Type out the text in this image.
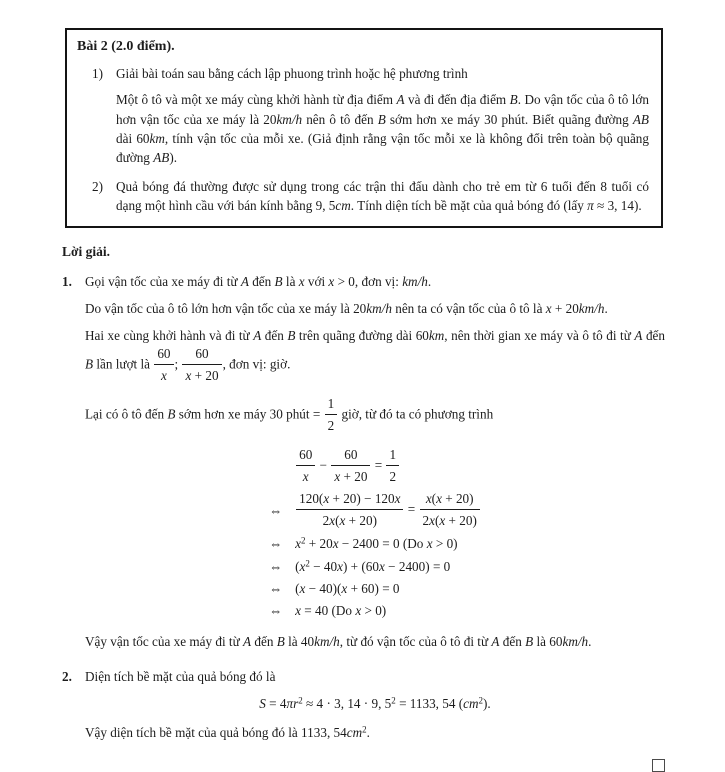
Bài 2 (2.0 điểm).
1) Giải bài toán sau bằng cách lập phuong trình hoặc hệ phương trình

Một ô tô và một xe máy cùng khởi hành từ địa điểm A và đi đến địa điểm B. Do vận tốc của ô tô lớn hơn vận tốc của xe máy là 20km/h nên ô tô đến B sớm hơn xe máy 30 phút. Biết quãng đường AB dài 60km, tính vận tốc của mỗi xe. (Giả định rằng vận tốc mỗi xe là không đổi trên toàn bộ quãng đường AB).

2) Quả bóng đá thường được sử dụng trong các trận thi đấu dành cho trẻ em từ 6 tuổi đến 8 tuổi có dạng một hình cầu với bán kính bằng 9, 5cm. Tính diện tích bề mặt của quả bóng đó (lấy π ≈ 3, 14).

Lời giải.
1. Gọi vận tốc của xe máy đi từ A đến B là x với x > 0, đơn vị: km/h.

Do vận tốc của ô tô lớn hơn vận tốc của xe máy là 20km/h nên ta có vận tốc của ô tô là x + 20km/h.

Hai xe cùng khởi hành và đi từ A đến B trên quãng đường dài 60km, nên thời gian xe máy và ô tô đi từ A đến B lần lượt là $\frac{60}{x}$ ; $\frac{60}{x + 20}$ , đơn vị: giờ.

Lại có ô tô đến B sớm hơn xe máy 30 phút = $\frac{1}{2}$ giờ, từ đó ta có phương trình

$\frac{60}{x} - \frac{60}{x + 20} = \frac{1}{2}$
⇔	$\frac{120(x + 20) - 120x}{2x(x + 20)} = \frac{x(x + 20)}{2x(x + 20)}$
⇔ $x^2 + 20x - 2400 = 0$ (Do x > 0)
⇔ $(x^2 - 40x) + (60x - 2400) = 0$
⇔ (x − 40)(x + 60) = 0
⇔ x = 40 (Do x > 0)

Vậy vận tốc của xe máy đi từ A đến B là 40km/h, từ đó vận tốc của ô tô đi từ A đến B là 60km/h.

2. Diện tích bề mặt của quả bóng đó là

$S = 4\pi r^2 \approx 4 \cdot 3$, 14 · 9, $5^2 = 1133$, 54 $(cm^2)$.

Vậy diện tích bề mặt của quả bóng đó là 1133, $54cm^2$.
